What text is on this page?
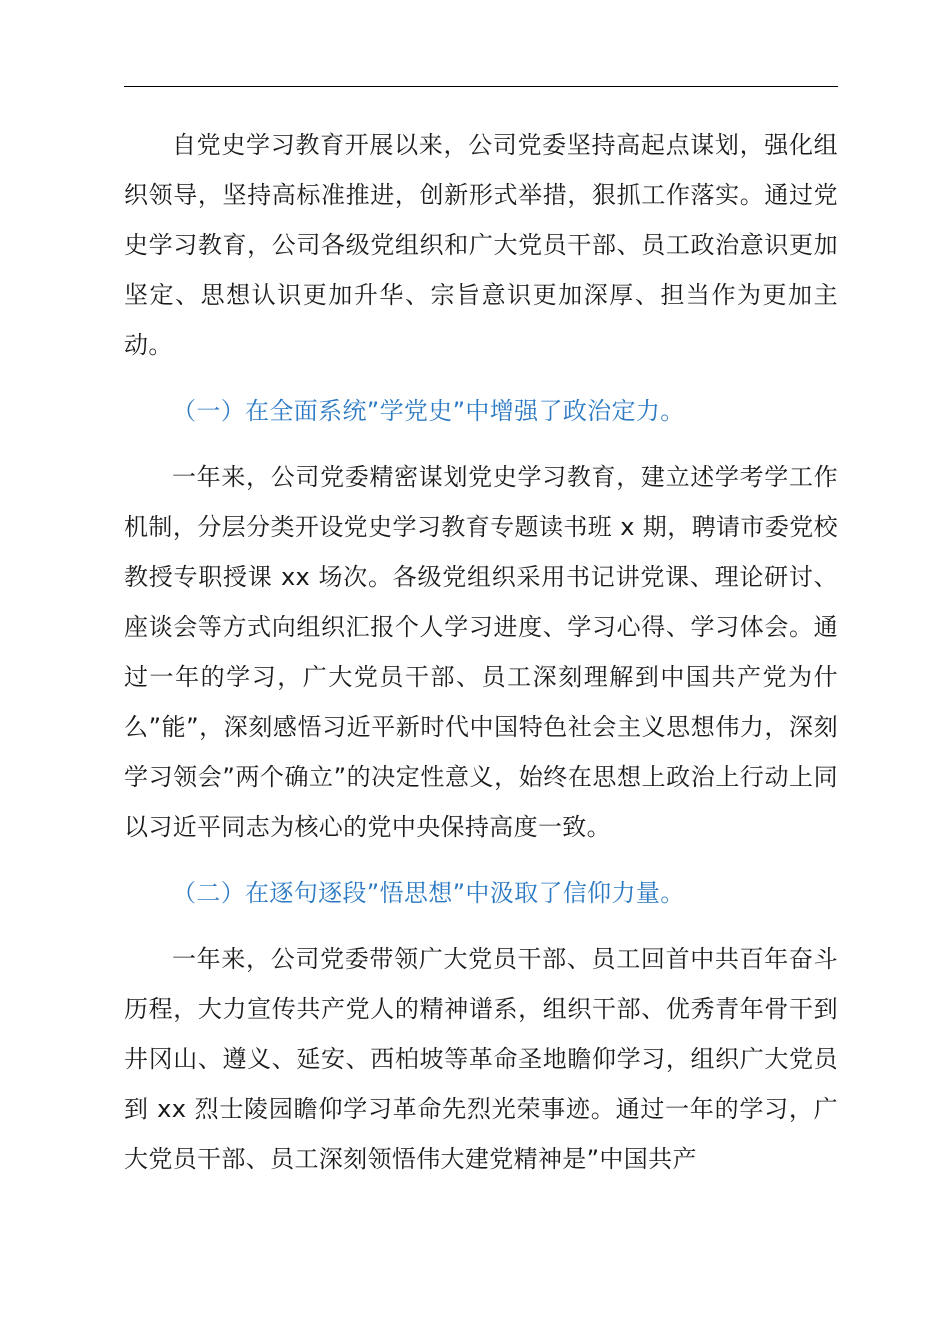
自党史学习教育开展以来，公司党委坚持高起点谋划，强化组织领导，坚持高标准推进，创新形式举措，狠抓工作落实。通过党史学习教育，公司各级党组织和广大党员干部、员工政治意识更加坚定、思想认识更加升华、宗旨意识更加深厚、担当作为更加主动。

（一）在全面系统”学党史”中增强了政治定力。

一年来，公司党委精密谋划党史学习教育，建立述学考学工作机制，分层分类开设党史学习教育专题读书班 x 期，聘请市委党校教授专职授课 xx 场次。各级党组织采用书记讲党课、理论研讨、座谈会等方式向组织汇报个人学习进度、学习心得、学习体会。通过一年的学习，广大党员干部、员工深刻理解到中国共产党为什么”能”，深刻感悟习近平新时代中国特色社会主义思想伟力，深刻学习领会”两个确立”的决定性意义，始终在思想上政治上行动上同以习近平同志为核心的党中央保持高度一致。

（二）在逐句逐段”悟思想”中汲取了信仰力量。

一年来，公司党委带领广大党员干部、员工回首中共百年奋斗历程，大力宣传共产党人的精神谱系，组织干部、优秀青年骨干到井冈山、遵义、延安、西柏坡等革命圣地瞻仰学习，组织广大党员到 xx 烈士陵园瞻仰学习革命先烈光荣事迹。通过一年的学习，广大党员干部、员工深刻领悟伟大建党精神是”中国共产
